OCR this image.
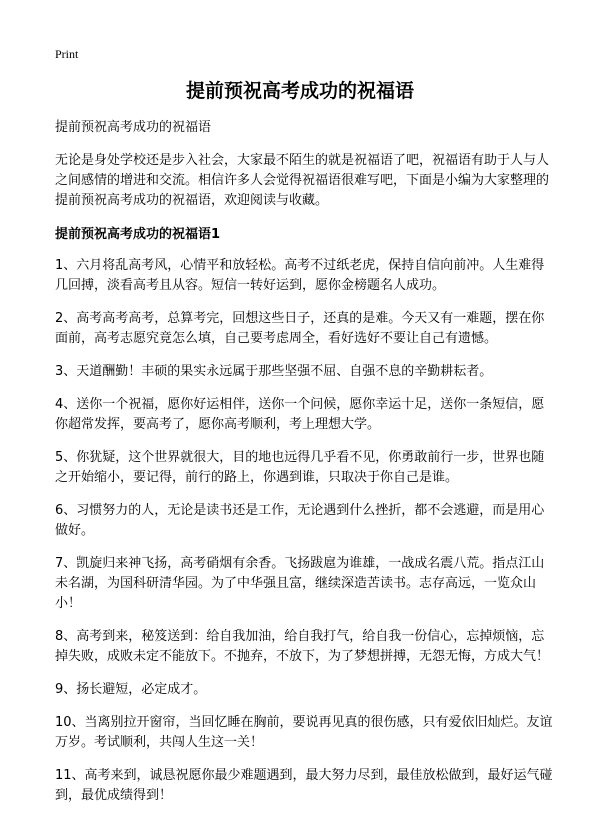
Print
提前预祝高考成功的祝福语

提前预祝高考成功的祝福语

无论是身处学校还是步入社会，大家最不陌生的就是祝福语了吧，祝福语有助于人与人之间感情的增进和交流。相信许多人会觉得祝福语很难写吧，下面是小编为大家整理的提前预祝高考成功的祝福语，欢迎阅读与收藏。

提前预祝高考成功的祝福语1

1、六月将乱高考风，心情平和放轻松。高考不过纸老虎，保持自信向前冲。人生难得几回搏，淡看高考且从容。短信一转好运到，愿你金榜题名人成功。

2、高考高考高考，总算考完，回想这些日子，还真的是难。今天又有一难题，摆在你面前，高考志愿究竟怎么填，自己要考虑周全，看好选好不要让自己有遗憾。

3、天道酬勤！丰硕的果实永远属于那些坚强不屈、自强不息的辛勤耕耘者。

4、送你一个祝福，愿你好运相伴，送你一个问候，愿你幸运十足，送你一条短信，愿你超常发挥，要高考了，愿你高考顺利，考上理想大学。

5、你犹疑，这个世界就很大，目的地也远得几乎看不见，你勇敢前行一步，世界也随之开始缩小，要记得，前行的路上，你遇到谁，只取决于你自己是谁。

6、习惯努力的人，无论是读书还是工作，无论遇到什么挫折，都不会逃避，而是用心做好。

7、凯旋归来神飞扬，高考硝烟有余香。飞扬跋扈为谁雄，一战成名震八荒。指点江山未名湖，为国科研清华园。为了中华强且富，继续深造苦读书。志存高远，一览众山小！

8、高考到来，秘笈送到：给自我加油，给自我打气，给自我一份信心，忘掉烦恼，忘掉失败，成败未定不能放下。不抛弃，不放下，为了梦想拼搏，无怨无悔，方成大气！

9、扬长避短，必定成才。

10、当离别拉开窗帘，当回忆睡在胸前，要说再见真的很伤感，只有爱依旧灿烂。友谊万岁。考试顺利，共闯人生这一关！

11、高考来到，诚恳祝愿你最少难题遇到，最大努力尽到，最佳放松做到，最好运气碰到，最优成绩得到！
